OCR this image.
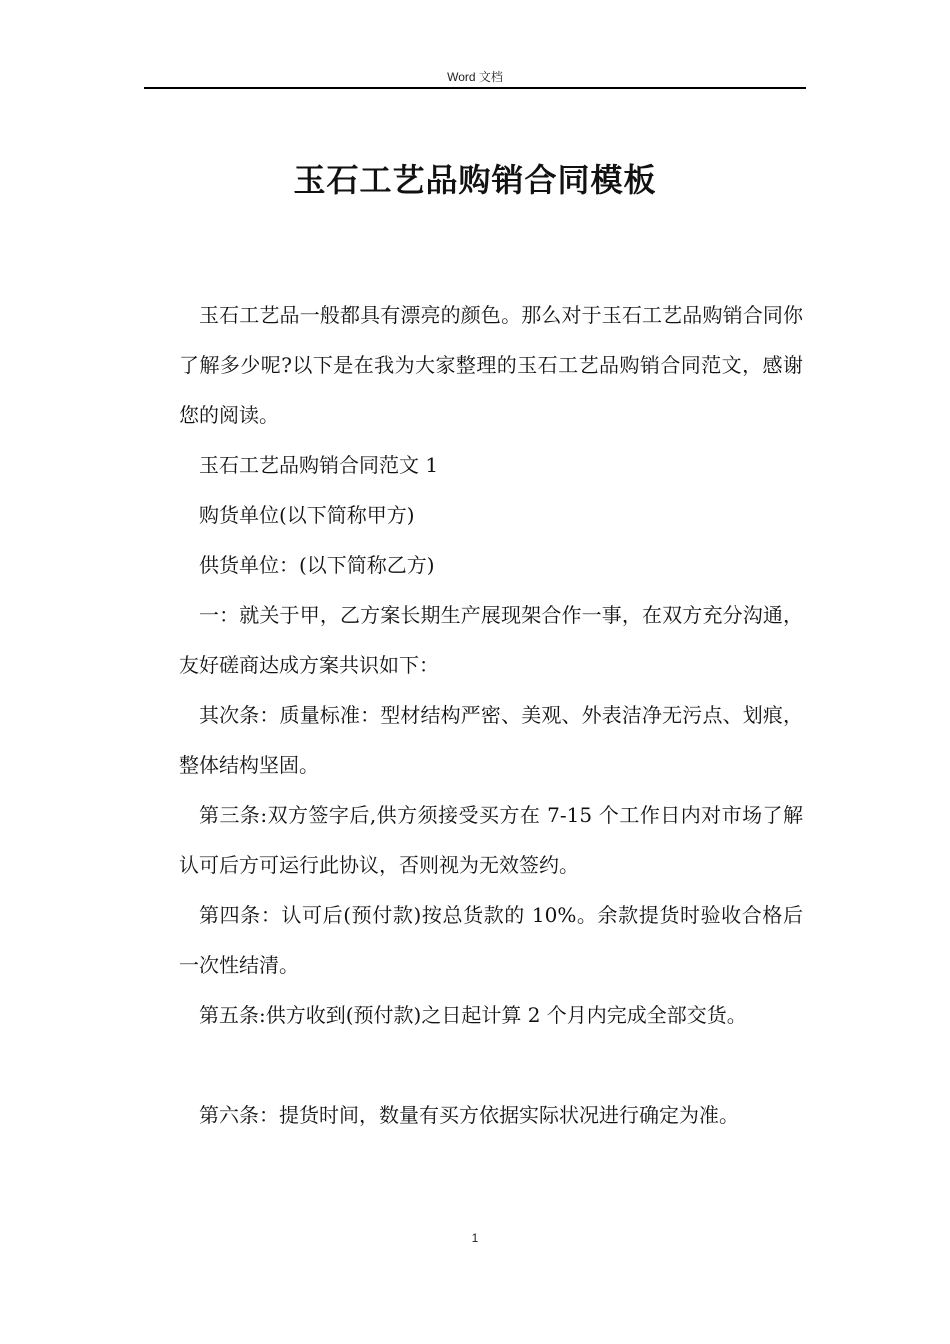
Word 文档
玉石工艺品购销合同模板

玉石工艺品一般都具有漂亮的颜色。那么对于玉石工艺品购销合同你了解多少呢?以下是在我为大家整理的玉石工艺品购销合同范文，感谢您的阅读。

玉石工艺品购销合同范文 1

购货单位(以下简称甲方)

供货单位：(以下简称乙方)

一：就关于甲，乙方案长期生产展现架合作一事，在双方充分沟通，友好磋商达成方案共识如下：

其次条：质量标准：型材结构严密、美观、外表洁净无污点、划痕，整体结构坚固。

第三条:双方签字后,供方须接受买方在 7-15 个工作日内对市场了解认可后方可运行此协议，否则视为无效签约。

第四条：认可后(预付款)按总货款的 10%。余款提货时验收合格后一次性结清。

第五条:供方收到(预付款)之日起计算 2 个月内完成全部交货。

第六条：提货时间，数量有买方依据实际状况进行确定为准。

1
